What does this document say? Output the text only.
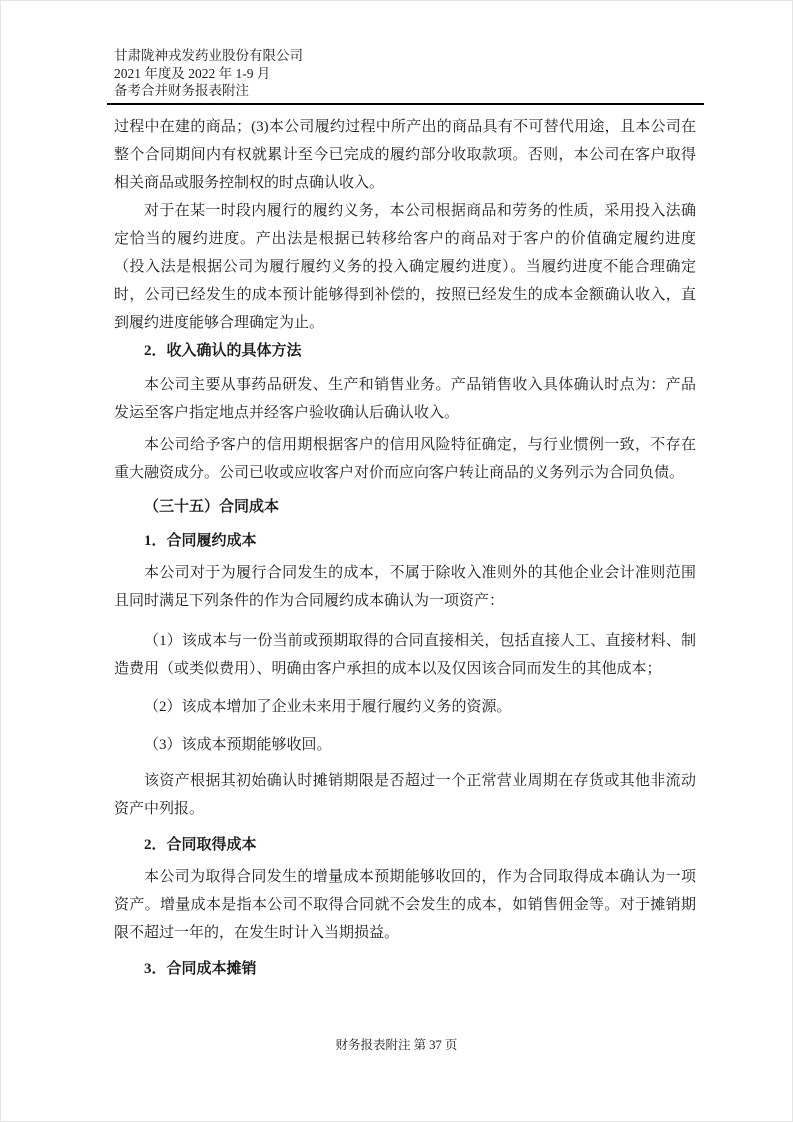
甘肃陇神戎发药业股份有限公司
2021 年度及 2022 年 1-9 月
备考合并财务报表附注

过程中在建的商品；(3)本公司履约过程中所产出的商品具有不可替代用途，且本公司在整个合同期间内有权就累计至今已完成的履约部分收取款项。否则，本公司在客户取得相关商品或服务控制权的时点确认收入。

对于在某一时段内履行的履约义务，本公司根据商品和劳务的性质，采用投入法确定恰当的履约进度。产出法是根据已转移给客户的商品对于客户的价值确定履约进度（投入法是根据公司为履行履约义务的投入确定履约进度）。当履约进度不能合理确定时，公司已经发生的成本预计能够得到补偿的，按照已经发生的成本金额确认收入，直到履约进度能够合理确定为止。

2．收入确认的具体方法

本公司主要从事药品研发、生产和销售业务。产品销售收入具体确认时点为：产品发运至客户指定地点并经客户验收确认后确认收入。

本公司给予客户的信用期根据客户的信用风险特征确定，与行业惯例一致，不存在重大融资成分。公司已收或应收客户对价而应向客户转让商品的义务列示为合同负债。

（三十五）合同成本

1．合同履约成本

本公司对于为履行合同发生的成本，不属于除收入准则外的其他企业会计准则范围且同时满足下列条件的作为合同履约成本确认为一项资产：

（1）该成本与一份当前或预期取得的合同直接相关，包括直接人工、直接材料、制造费用（或类似费用）、明确由客户承担的成本以及仅因该合同而发生的其他成本；

（2）该成本增加了企业未来用于履行履约义务的资源。

（3）该成本预期能够收回。

该资产根据其初始确认时摊销期限是否超过一个正常营业周期在存货或其他非流动资产中列报。

2．合同取得成本

本公司为取得合同发生的增量成本预期能够收回的，作为合同取得成本确认为一项资产。增量成本是指本公司不取得合同就不会发生的成本，如销售佣金等。对于摊销期限不超过一年的，在发生时计入当期损益。

3．合同成本摊销

财务报表附注 第 37 页
